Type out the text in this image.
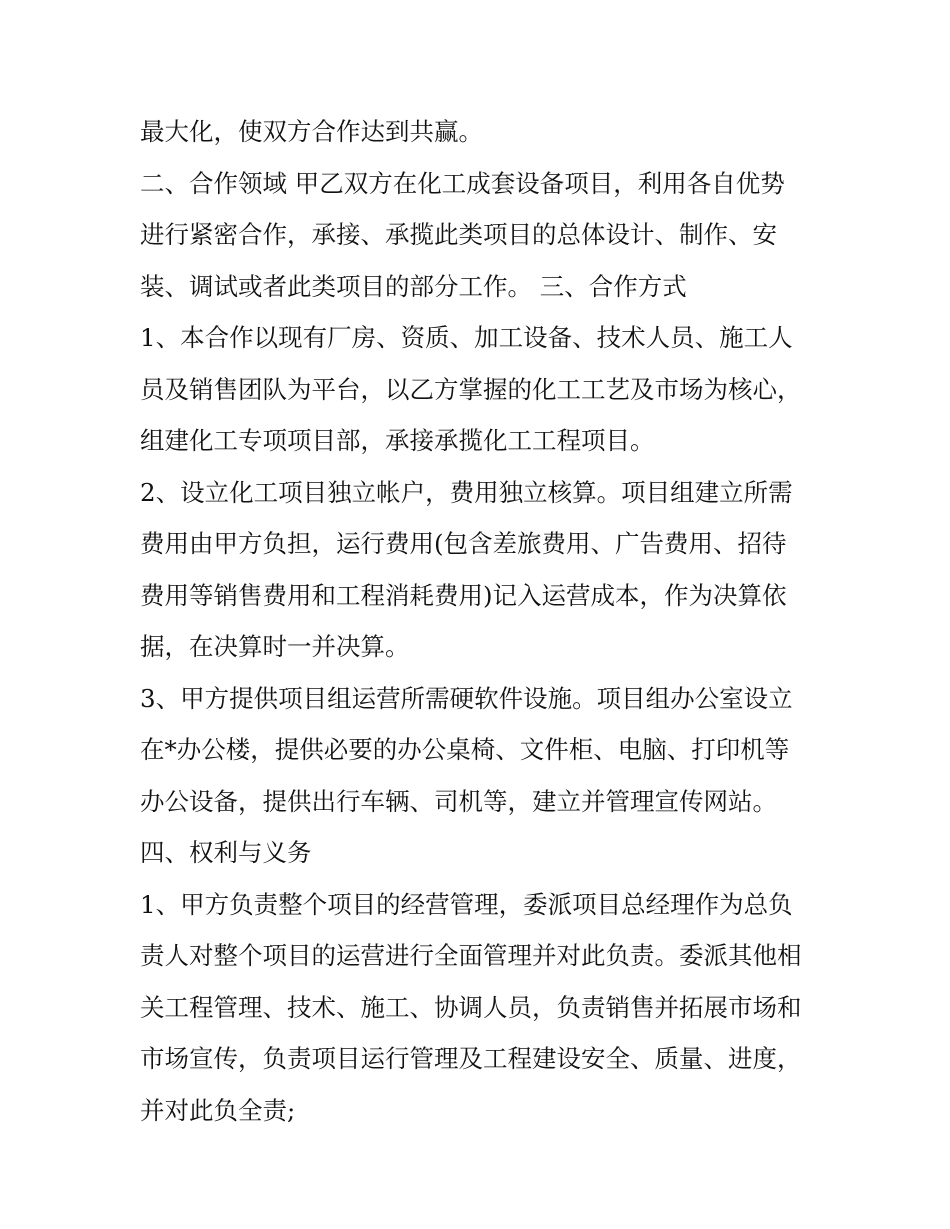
最大化，使双方合作达到共赢。
二、合作领域 甲乙双方在化工成套设备项目，利用各自优势
进行紧密合作，承接、承揽此类项目的总体设计、制作、安
装、调试或者此类项目的部分工作。 三、合作方式
1、本合作以现有厂房、资质、加工设备、技术人员、施工人
员及销售团队为平台，以乙方掌握的化工工艺及市场为核心，
组建化工专项项目部，承接承揽化工工程项目。
2、设立化工项目独立帐户，费用独立核算。项目组建立所需
费用由甲方负担，运行费用(包含差旅费用、广告费用、招待
费用等销售费用和工程消耗费用)记入运营成本，作为决算依
据，在决算时一并决算。
3、甲方提供项目组运营所需硬软件设施。项目组办公室设立
在*办公楼，提供必要的办公桌椅、文件柜、电脑、打印机等
办公设备，提供出行车辆、司机等，建立并管理宣传网站。
四、权利与义务
1、甲方负责整个项目的经营管理，委派项目总经理作为总负
责人对整个项目的运营进行全面管理并对此负责。委派其他相
关工程管理、技术、施工、协调人员，负责销售并拓展市场和
市场宣传，负责项目运行管理及工程建设安全、质量、进度，
并对此负全责;
